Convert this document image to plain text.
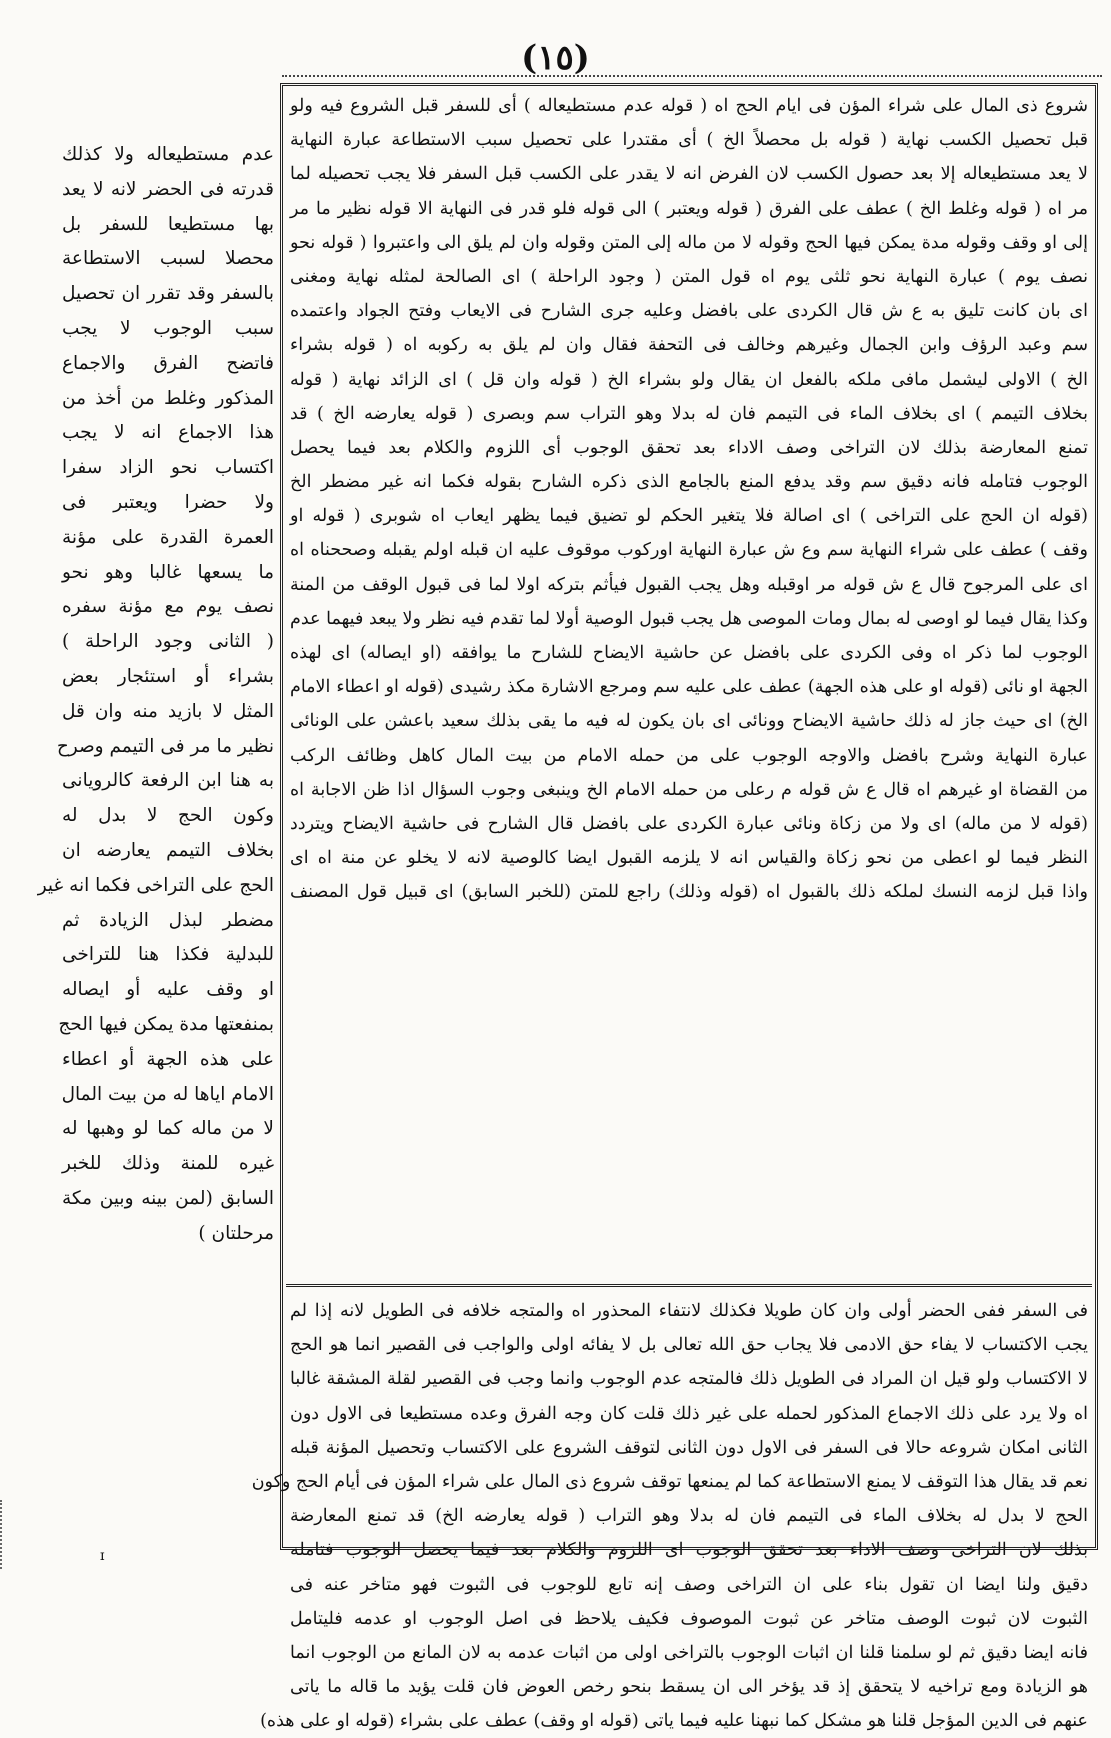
(١٥)
شروع ذى المال على شراء المؤن فى ايام الحج اه ( قوله عدم مستطيعاله ) أى للسفر قبل الشروع فيه ولو
قبل تحصيل الكسب نهاية ( قوله بل محصلاً الخ ) أى مقتدرا على تحصيل سبب الاستطاعة عبارة النهاية
لا يعد مستطيعاله إلا بعد حصول الكسب لان الفرض انه لا يقدر على الكسب قبل السفر فلا يجب تحصيله لما
مر اه ( قوله وغلط الخ ) عطف على الفرق ( قوله ويعتبر ) الى قوله فلو قدر فى النهاية الا قوله نظير ما مر
إلى او وقف وقوله مدة يمكن فيها الحج وقوله لا من ماله إلى المتن وقوله وان لم يلق الى واعتبروا ( قوله نحو
نصف يوم ) عبارة النهاية نحو ثلثى يوم اه قول المتن ( وجود الراحلة ) اى الصالحة لمثله نهاية ومغنى
اى بان كانت تليق به ع ش قال الكردى على بافضل وعليه جرى الشارح فى الايعاب وفتح الجواد واعتمده
سم وعبد الرؤف وابن الجمال وغيرهم وخالف فى التحفة فقال وان لم يلق به ركوبه اه ( قوله بشراء
الخ ) الاولى ليشمل مافى ملكه بالفعل ان يقال ولو بشراء الخ ( قوله وان قل ) اى الزائد نهاية ( قوله
بخلاف التيمم ) اى بخلاف الماء فى التيمم فان له بدلا وهو التراب سم وبصرى ( قوله يعارضه الخ ) قد
تمنع المعارضة بذلك لان التراخى وصف الاداء بعد تحقق الوجوب أى اللزوم والكلام بعد فيما يحصل
الوجوب فتامله فانه دقيق سم وقد يدفع المنع بالجامع الذى ذكره الشارح بقوله فكما انه غير مضطر الخ
(قوله ان الحج على التراخى ) اى اصالة فلا يتغير الحكم لو تضيق فيما يظهر ايعاب اه شوبرى ( قوله او
وقف ) عطف على شراء النهاية سم وع ش عبارة النهاية اوركوب موقوف عليه ان قبله اولم يقبله وصححناه اه
اى على المرجوح قال ع ش قوله مر اوقبله وهل يجب القبول فيأثم بتركه اولا لما فى قبول الوقف من المنة
وكذا يقال فيما لو اوصى له بمال ومات الموصى هل يجب قبول الوصية أولا لما تقدم فيه نظر ولا يبعد فيهما عدم
الوجوب لما ذكر اه وفى الكردى على بافضل عن حاشية الايضاح للشارح ما يوافقه (او ايصاله) اى لهذه
الجهة او نائى (قوله او على هذه الجهة) عطف على عليه سم ومرجع الاشارة مكذ رشيدى (قوله او اعطاء الامام
الخ) اى حيث جاز له ذلك حاشية الايضاح وونائى اى بان يكون له فيه ما يقى بذلك سعيد باعشن على الونائى
عبارة النهاية وشرح بافضل والاوجه الوجوب على من حمله الامام من بيت المال كاهل وظائف الركب
من القضاة او غيرهم اه قال ع ش قوله م رعلى من حمله الامام الخ وينبغى وجوب السؤال اذا ظن الاجابة اه
(قوله لا من ماله) اى ولا من زكاة ونائى عبارة الكردى على بافضل قال الشارح فى حاشية الايضاح ويتردد
النظر فيما لو اعطى من نحو زكاة والقياس انه لا يلزمه القبول ايضا كالوصية لانه لا يخلو عن منة اه اى
واذا قبل لزمه النسك لملكه ذلك بالقبول اه (قوله وذلك) راجع للمتن (للخبر السابق) اى قبيل قول المصنف
فى السفر ففى الحضر أولى وان كان طويلا فكذلك لانتفاء المحذور اه والمتجه خلافه فى الطويل لانه إذا لم
يجب الاكتساب لا يفاء حق الادمى فلا يجاب حق الله تعالى بل لا يفائه اولى والواجب فى القصير انما هو الحج
لا الاكتساب ولو قيل ان المراد فى الطويل ذلك فالمتجه عدم الوجوب وانما وجب فى القصير لقلة المشقة غالبا
اه ولا يرد على ذلك الاجماع المذكور لحمله على غير ذلك قلت كان وجه الفرق وعده مستطيعا فى الاول دون
الثانى امكان شروعه حالا فى السفر فى الاول دون الثانى لتوقف الشروع على الاكتساب وتحصيل المؤنة قبله
نعم قد يقال هذا التوقف لا يمنع الاستطاعة كما لم يمنعها توقف شروع ذى المال على شراء المؤن فى أيام الحج وكون
الحج لا بدل له بخلاف الماء فى التيمم فان له بدلا وهو التراب ( قوله يعارضه الخ) قد تمنع المعارضة
بذلك لان التراخى وصف الاداء بعد تحقق الوجوب اى اللزوم والكلام بعد فيما يحصل الوجوب فتامله
دقيق ولنا ايضا ان تقول بناء على ان التراخى وصف إنه تابع للوجوب فى الثبوت فهو متاخر عنه فى
الثبوت لان ثبوت الوصف متاخر عن ثبوت الموصوف فكيف يلاحظ فى اصل الوجوب او عدمه فليتامل
فانه ايضا دقيق ثم لو سلمنا قلنا ان اثبات الوجوب بالتراخى اولى من اثبات عدمه به لان المانع من الوجوب انما
هو الزيادة ومع تراخيه لا يتحقق إذ قد يؤخر الى ان يسقط بنحو رخص العوض فان قلت يؤيد ما قاله ما ياتى
عنهم فى الدين المؤجل قلنا هو مشكل كما نبهنا عليه فيما ياتى (قوله او وقف) عطف على بشراء (قوله او على هذه)
عدم مستطيعاله ولا كذلك
قدرته فى الحضر لانه لا يعد
بها مستطيعا للسفر بل
محصلا لسبب الاستطاعة
بالسفر وقد تقرر ان تحصيل
سبب الوجوب لا يجب
فاتضح الفرق والاجماع
المذكور وغلط من أخذ من
هذا الاجماع انه لا يجب
اكتساب نحو الزاد سفرا
ولا حضرا ويعتبر فى
العمرة القدرة على مؤنة
ما يسعها غالبا وهو نحو
نصف يوم مع مؤنة سفره
( الثانى وجود الراحلة )
بشراء أو استئجار بعض
المثل لا بازيد منه وان قل
نظير ما مر فى التيمم وصرح
به هنا ابن الرفعة كالرويانى
وكون الحج لا بدل له
بخلاف التيمم يعارضه ان
الحج على التراخى فكما انه غير
مضطر لبذل الزيادة ثم
للبدلية فكذا هنا للتراخى
او وقف عليه أو ايصاله
بمنفعتها مدة يمكن فيها الحج
على هذه الجهة أو اعطاء
الامام اياها له من بيت المال
لا من ماله كما لو وهبها له
غيره للمنة وذلك للخبر
السابق (لمن بينه وبين مكة
مرحلتان )
ɪ
